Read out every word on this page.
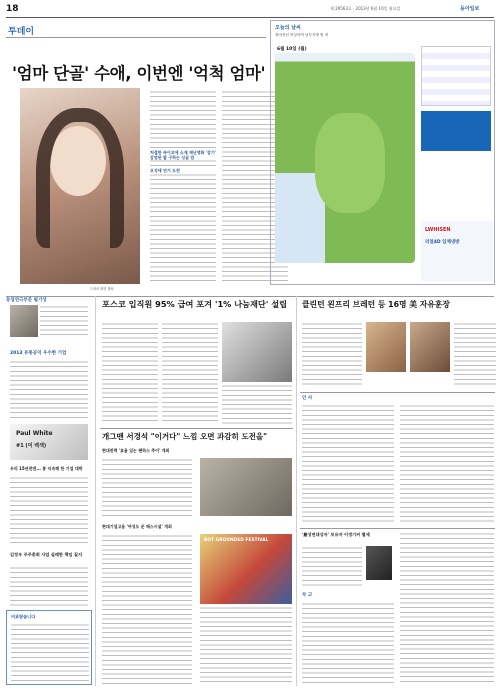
18	제 29563호 · 2013년 6월 10일 월요일	동아일보
투데이
'엄마 단골' 수애, 이번엔 '억척 엄마'
드라마 화면 캡처
처절한 싸이코에 소재 재난영화 '감기' 감염된 딸 구하는 싱글 맘
모성애 연기 도전
오늘의 날씨
장마전선 북상하여 남부지방 밤 비
6월 10일 (월)
LWHISEN
리얼4D 입체냉방
동업연극부문 필기상
2013 유통공익 우수한 기업
Paul White
#1 (미 백색)
우리 15년전엔... 통 익숙해 한 기업 대박
김정우 주주총회 사업 실패한 책임 질지
비료탐습니다
포스코 입직원 95% 급여 포겨 '1% 나눔재단' 설립
개그맨 서경석 "이거다" 느낌 오면 과감히 도전을"
현대전력 '효율 있는 팬하스 추어' 개최
현대기업고용 '여성도 운 해스시설' 개최
BOT GROUNDED FESTIVAL
클린턴 왼프리 브레턴 등 16명 美 자유훈장
인 사
'最성연대상자' 보유자 이정기씨 별세
부 고
